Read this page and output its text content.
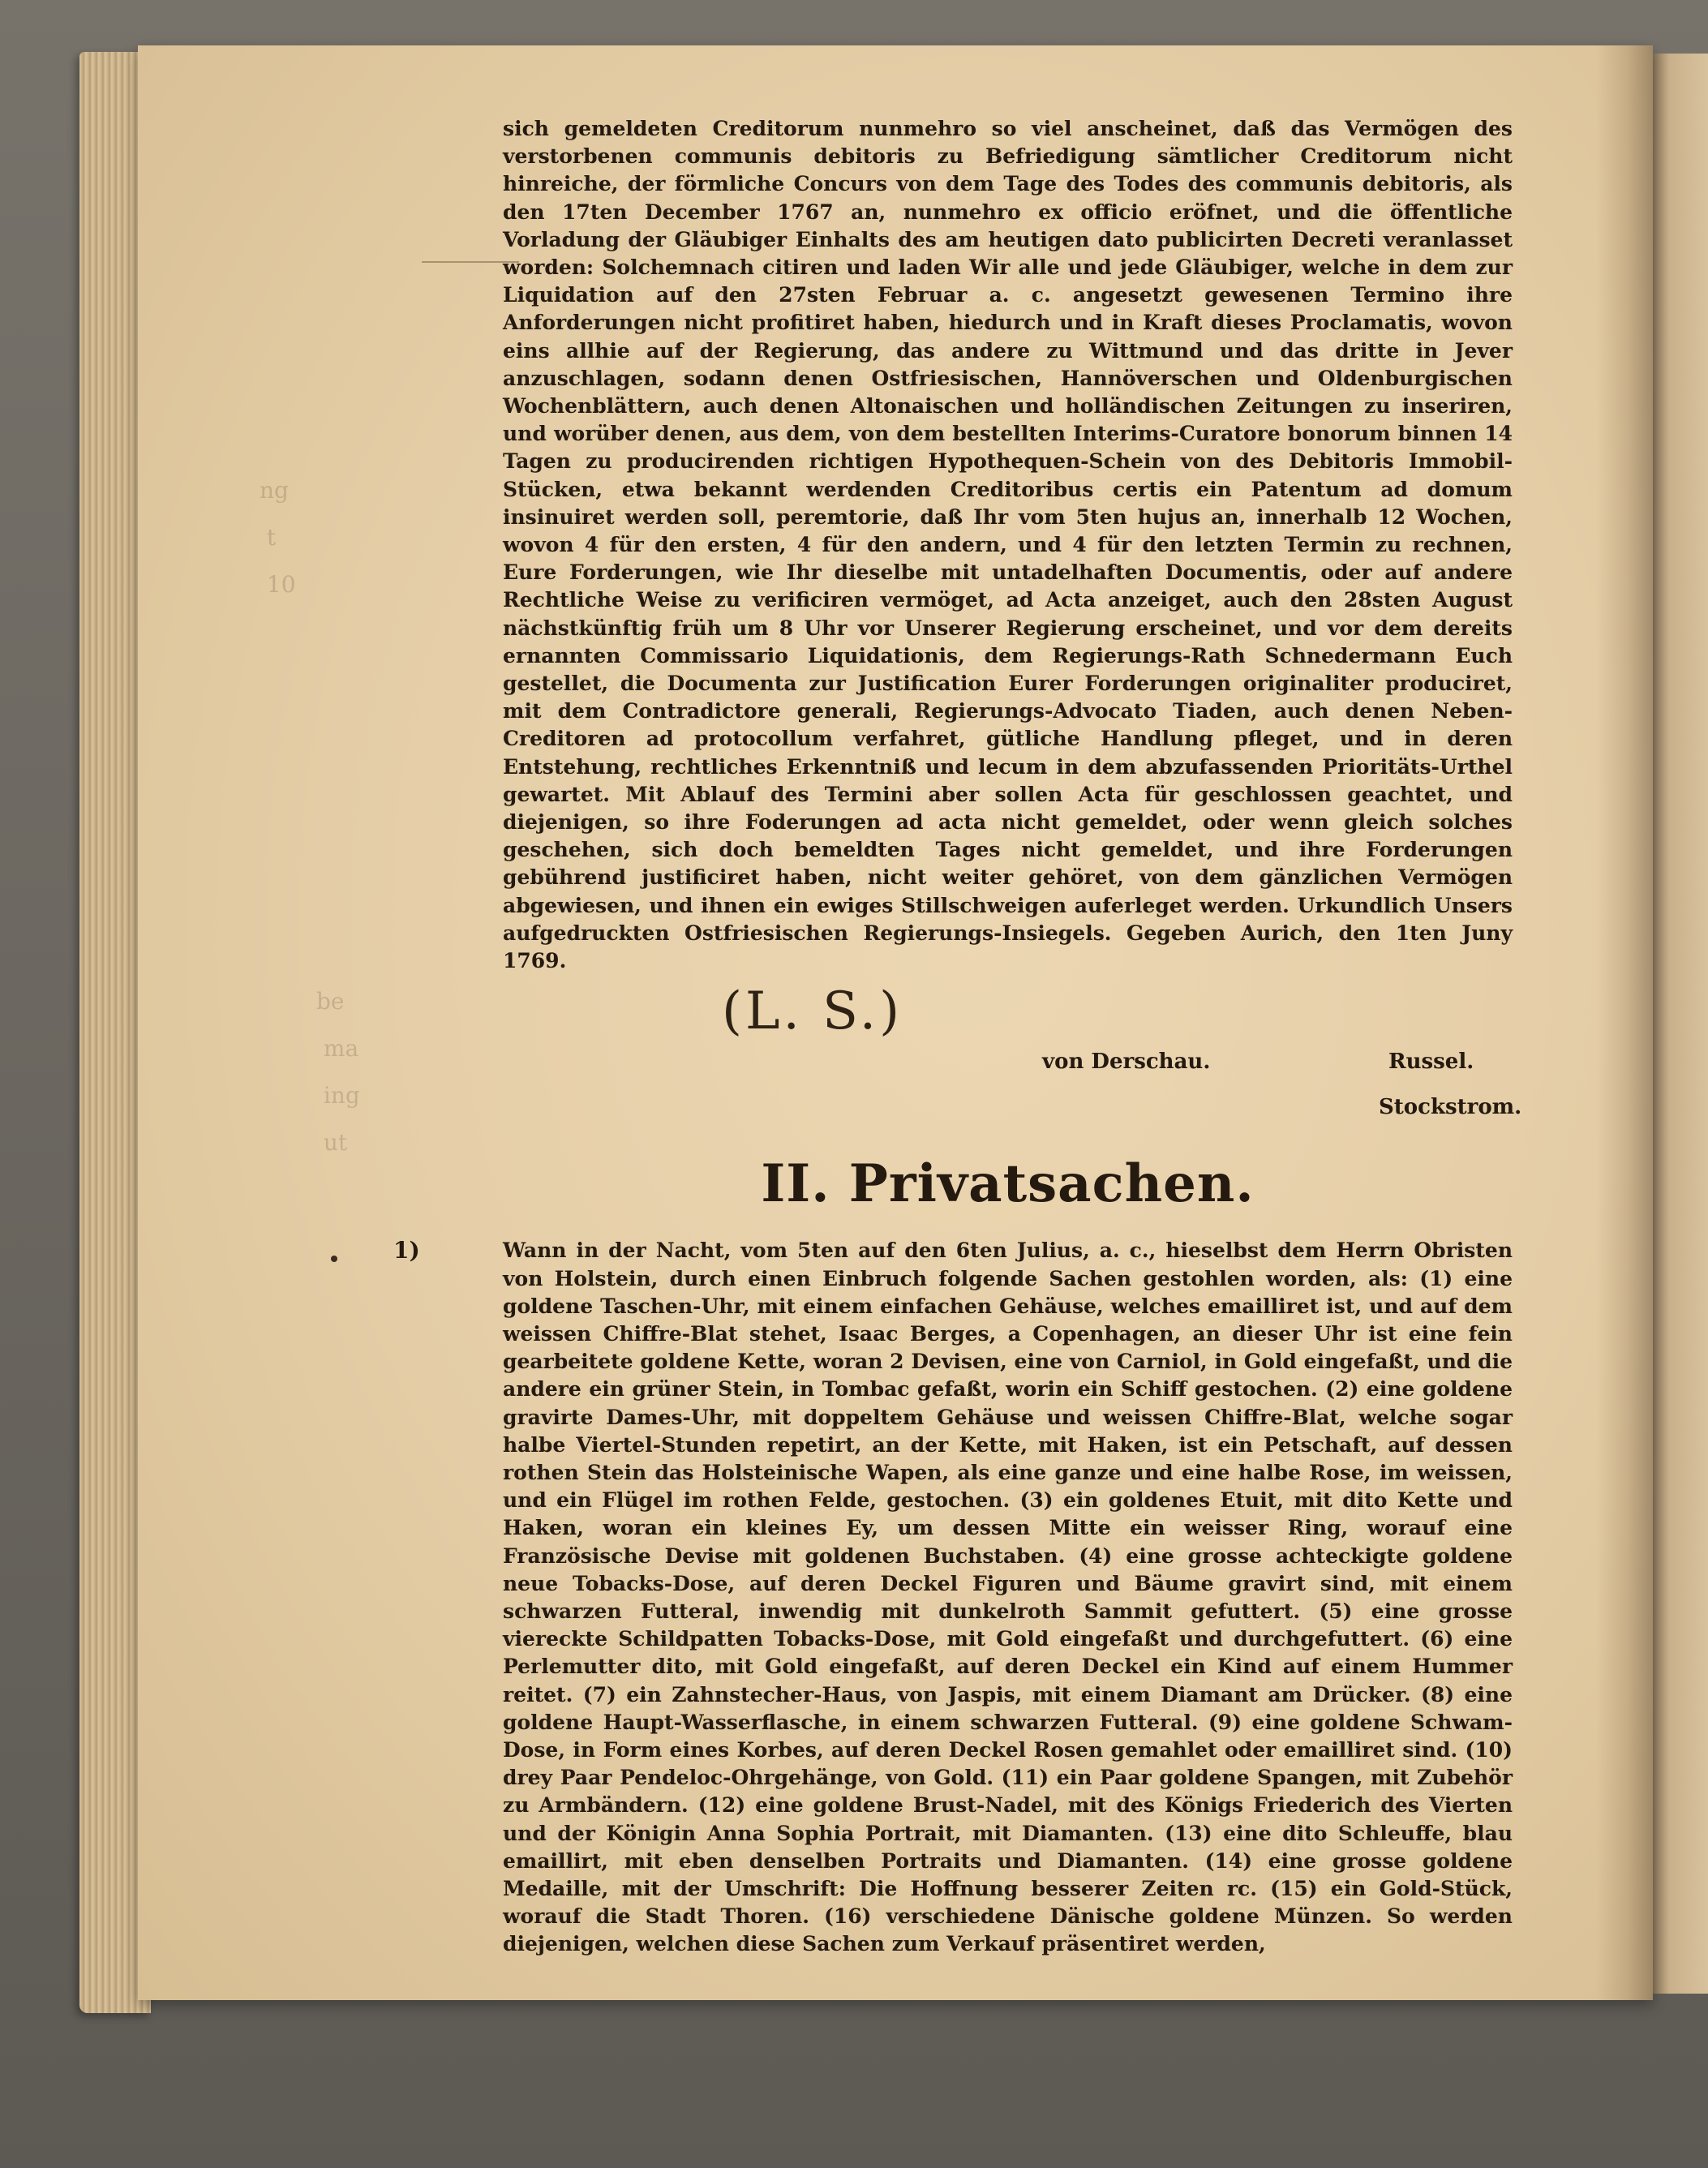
ng
t
10
be
ma
ing
ut

sich gemeldeten Creditorum nunmehro so viel anscheinet, daß das Vermögen des verstorbenen communis debitoris zu Befriedigung sämtlicher Creditorum nicht hinreiche, der förmliche Concurs von dem Tage des Todes des communis debitoris, als den 17ten December 1767 an, nunmehro ex officio eröfnet, und die öffentliche Vorladung der Gläubiger Einhalts des am heutigen dato publicirten Decreti veranlasset worden: Solchemnach citiren und laden Wir alle und jede Gläubiger, welche in dem zur Liquidation auf den 27sten Februar a. c. angesetzt gewesenen Termino ihre Anforderungen nicht profitiret haben, hiedurch und in Kraft dieses Proclamatis, wovon eins allhie auf der Regierung, das andere zu Wittmund und das dritte in Jever anzuschlagen, sodann denen Ostfriesischen, Hannöverschen und Oldenburgischen Wochenblättern, auch denen Altonaischen und holländischen Zeitungen zu inseriren, und worüber denen, aus dem, von dem bestellten Interims-Curatore bonorum binnen 14 Tagen zu producirenden richtigen Hypothequen-Schein von des Debitoris Immobil-Stücken, etwa bekannt werdenden Creditoribus certis ein Patentum ad domum insinuiret werden soll, peremtorie, daß Ihr vom 5ten hujus an, innerhalb 12 Wochen, wovon 4 für den ersten, 4 für den andern, und 4 für den letzten Termin zu rechnen, Eure Forderungen, wie Ihr dieselbe mit untadelhaften Documentis, oder auf andere Rechtliche Weise zu verificiren vermöget, ad Acta anzeiget, auch den 28sten August nächstkünftig früh um 8 Uhr vor Unserer Regierung erscheinet, und vor dem dereits ernannten Commissario Liquidationis, dem Regierungs-Rath Schnedermann Euch gestellet, die Documenta zur Justification Eurer Forderungen originaliter produciret, mit dem Contradictore generali, Regierungs-Advocato Tiaden, auch denen Neben-Creditoren ad protocollum verfahret, gütliche Handlung pfleget, und in deren Entstehung, rechtliches Erkenntniß und lecum in dem abzufassenden Prioritäts-Urthel gewartet. Mit Ablauf des Termini aber sollen Acta für geschlossen geachtet, und diejenigen, so ihre Foderungen ad acta nicht gemeldet, oder wenn gleich solches geschehen, sich doch bemeldten Tages nicht gemeldet, und ihre Forderungen gebührend justificiret haben, nicht weiter gehöret, von dem gänzlichen Vermögen abgewiesen, und ihnen ein ewiges Stillschweigen auferleget werden. Urkundlich Unsers aufgedruckten Ostfriesischen Regierungs-Insiegels. Gegeben Aurich, den 1ten Juny 1769.

(L. S.)
von Derschau.	Russel.
Stockstrom.
II. Privatsachen.
1)	Wann in der Nacht, vom 5ten auf den 6ten Julius, a. c., hieselbst dem Herrn Obristen von Holstein, durch einen Einbruch folgende Sachen gestohlen worden, als: (1) eine goldene Taschen-Uhr, mit einem einfachen Gehäuse, welches emailliret ist, und auf dem weissen Chiffre-Blat stehet, Isaac Berges, a Copenhagen, an dieser Uhr ist eine fein gearbeitete goldene Kette, woran 2 Devisen, eine von Carniol, in Gold eingefaßt, und die andere ein grüner Stein, in Tombac gefaßt, worin ein Schiff gestochen. (2) eine goldene gravirte Dames-Uhr, mit doppeltem Gehäuse und weissen Chiffre-Blat, welche sogar halbe Viertel-Stunden repetirt, an der Kette, mit Haken, ist ein Petschaft, auf dessen rothen Stein das Holsteinische Wapen, als eine ganze und eine halbe Rose, im weissen, und ein Flügel im rothen Felde, gestochen. (3) ein goldenes Etuit, mit dito Kette und Haken, woran ein kleines Ey, um dessen Mitte ein weisser Ring, worauf eine Französische Devise mit goldenen Buchstaben. (4) eine grosse achteckigte goldene neue Tobacks-Dose, auf deren Deckel Figuren und Bäume gravirt sind, mit einem schwarzen Futteral, inwendig mit dunkelroth Sammit gefuttert. (5) eine grosse viereckte Schildpatten Tobacks-Dose, mit Gold eingefaßt und durchgefuttert. (6) eine Perlemutter dito, mit Gold eingefaßt, auf deren Deckel ein Kind auf einem Hummer reitet. (7) ein Zahnstecher-Haus, von Jaspis, mit einem Diamant am Drücker. (8) eine goldene Haupt-Wasserflasche, in einem schwarzen Futteral. (9) eine goldene Schwam-Dose, in Form eines Korbes, auf deren Deckel Rosen gemahlet oder emailliret sind. (10) drey Paar Pendeloc-Ohrgehänge, von Gold. (11) ein Paar goldene Spangen, mit Zubehör zu Armbändern. (12) eine goldene Brust-Nadel, mit des Königs Friederich des Vierten und der Königin Anna Sophia Portrait, mit Diamanten. (13) eine dito Schleuffe, blau emaillirt, mit eben denselben Portraits und Diamanten. (14) eine grosse goldene Medaille, mit der Umschrift: Die Hoffnung besserer Zeiten rc. (15) ein Gold-Stück, worauf die Stadt Thoren. (16) verschiedene Dänische goldene Münzen. So werden diejenigen, welchen diese Sachen zum Verkauf präsentiret werden,
